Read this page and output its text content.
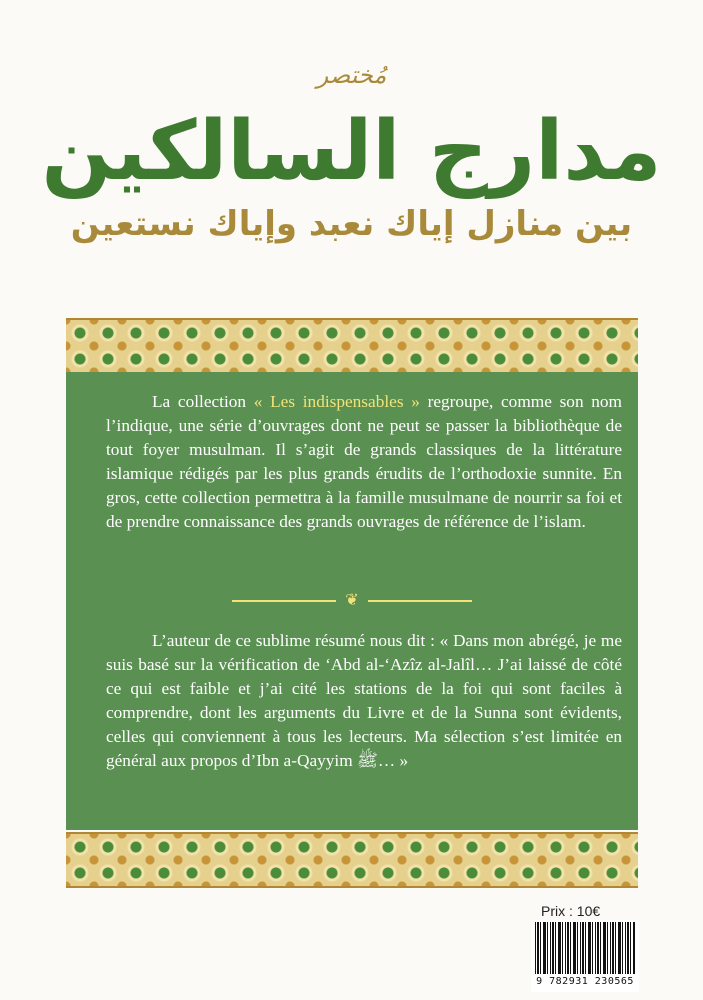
مُختصر
مدارج السالكين
بين منازل إياك نعبد وإياك نستعين

La collection « Les indispensables » regroupe, comme son nom l’indique, une série d’ouvrages dont ne peut se passer la bibliothèque de tout foyer musulman. Il s’agit de grands classiques de la littérature islamique rédigés par les plus grands érudits de l’orthodoxie sunnite. En gros, cette collection permettra à la famille musulmane de nourrir sa foi et de prendre connaissance des grands ouvrages de référence de l’islam.

❦

L’auteur de ce sublime résumé nous dit : « Dans mon abrégé, je me suis basé sur la vérification de ‘Abd al-‘Azîz al-Jalîl… J’ai laissé de côté ce qui est faible et j’ai cité les stations de la foi qui sont faciles à comprendre, dont les arguments du Livre et de la Sunna sont évidents, celles qui conviennent à tous les lecteurs. Ma sélection s’est limitée en général aux propos d’Ibn a-Qayyim ﷺ… »

Prix : 10€
9 782931 230565
